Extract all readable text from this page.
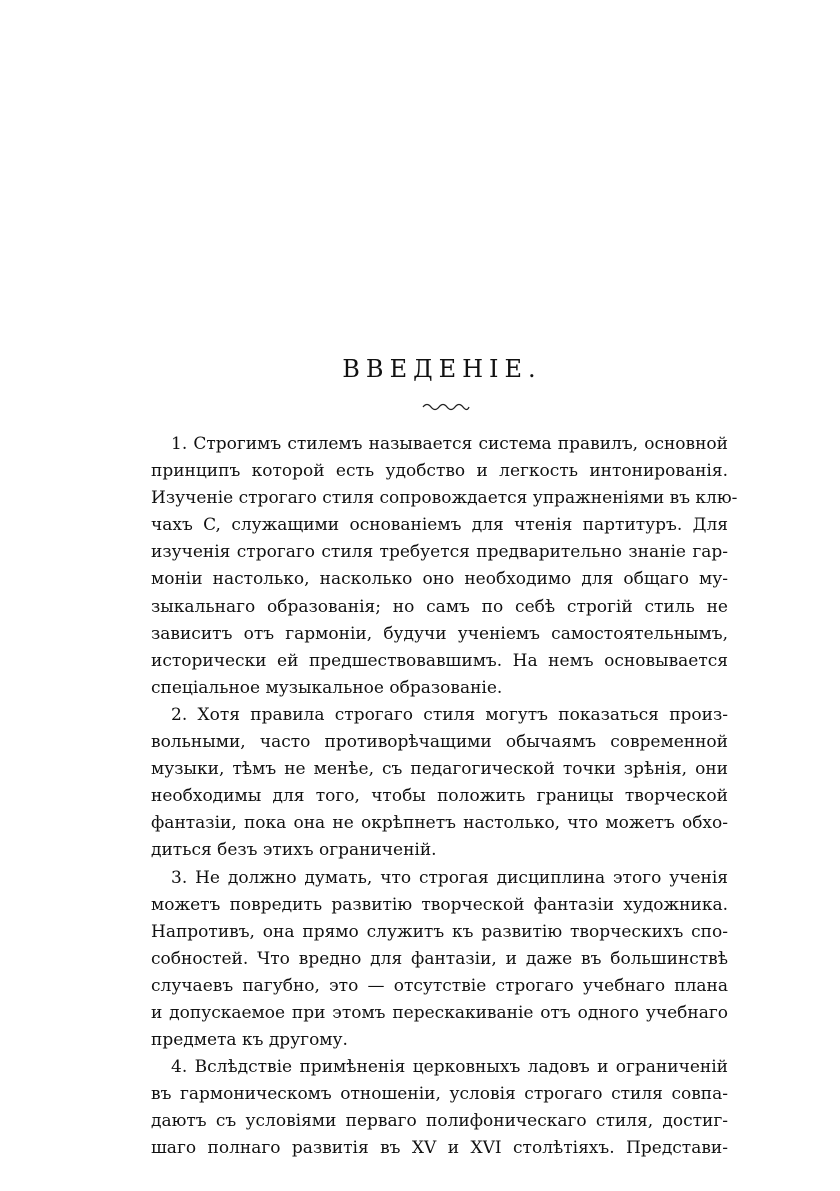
ВВЕДЕНІЕ.
1. Строгимъ стилемъ называется система правилъ, основной
принципъ которой есть удобство и легкость интонированія.
Изученіе строгаго стиля сопровождается упражненіями въ клю-
чахъ C, служащими основаніемъ для чтенія партитуръ. Для
изученія строгаго стиля требуется предварительно знаніе гар-
моніи настолько, насколько оно необходимо для общаго му-
зыкальнаго образованія; но самъ по себѣ строгій стиль не
зависитъ отъ гармоніи, будучи ученіемъ самостоятельнымъ,
исторически ей предшествовавшимъ. На немъ основывается
спеціальное музыкальное образованіе.
2. Хотя правила строгаго стиля могутъ показаться произ-
вольными, часто противорѣчащими обычаямъ современной
музыки, тѣмъ не менѣе, съ педагогической точки зрѣнія, они
необходимы для того, чтобы положить границы творческой
фантазіи, пока она не окрѣпнетъ настолько, что можетъ обхо-
диться безъ этихъ ограниченій.
3. Не должно думать, что строгая дисциплина этого ученія
можетъ повредить развитію творческой фантазіи художника.
Напротивъ, она прямо служитъ къ развитію творческихъ спо-
собностей. Что вредно для фантазіи, и даже въ большинствѣ
случаевъ пагубно, это — отсутствіе строгаго учебнаго плана
и допускаемое при этомъ перескакиваніе отъ одного учебнаго
предмета къ другому.
4. Вслѣдствіе примѣненія церковныхъ ладовъ и ограниченій
въ гармоническомъ отношеніи, условія строгаго стиля совпа-
даютъ съ условіями перваго полифоническаго стиля, достиг-
шаго полнаго развитія въ XV и XVI столѣтіяхъ. Представи-
